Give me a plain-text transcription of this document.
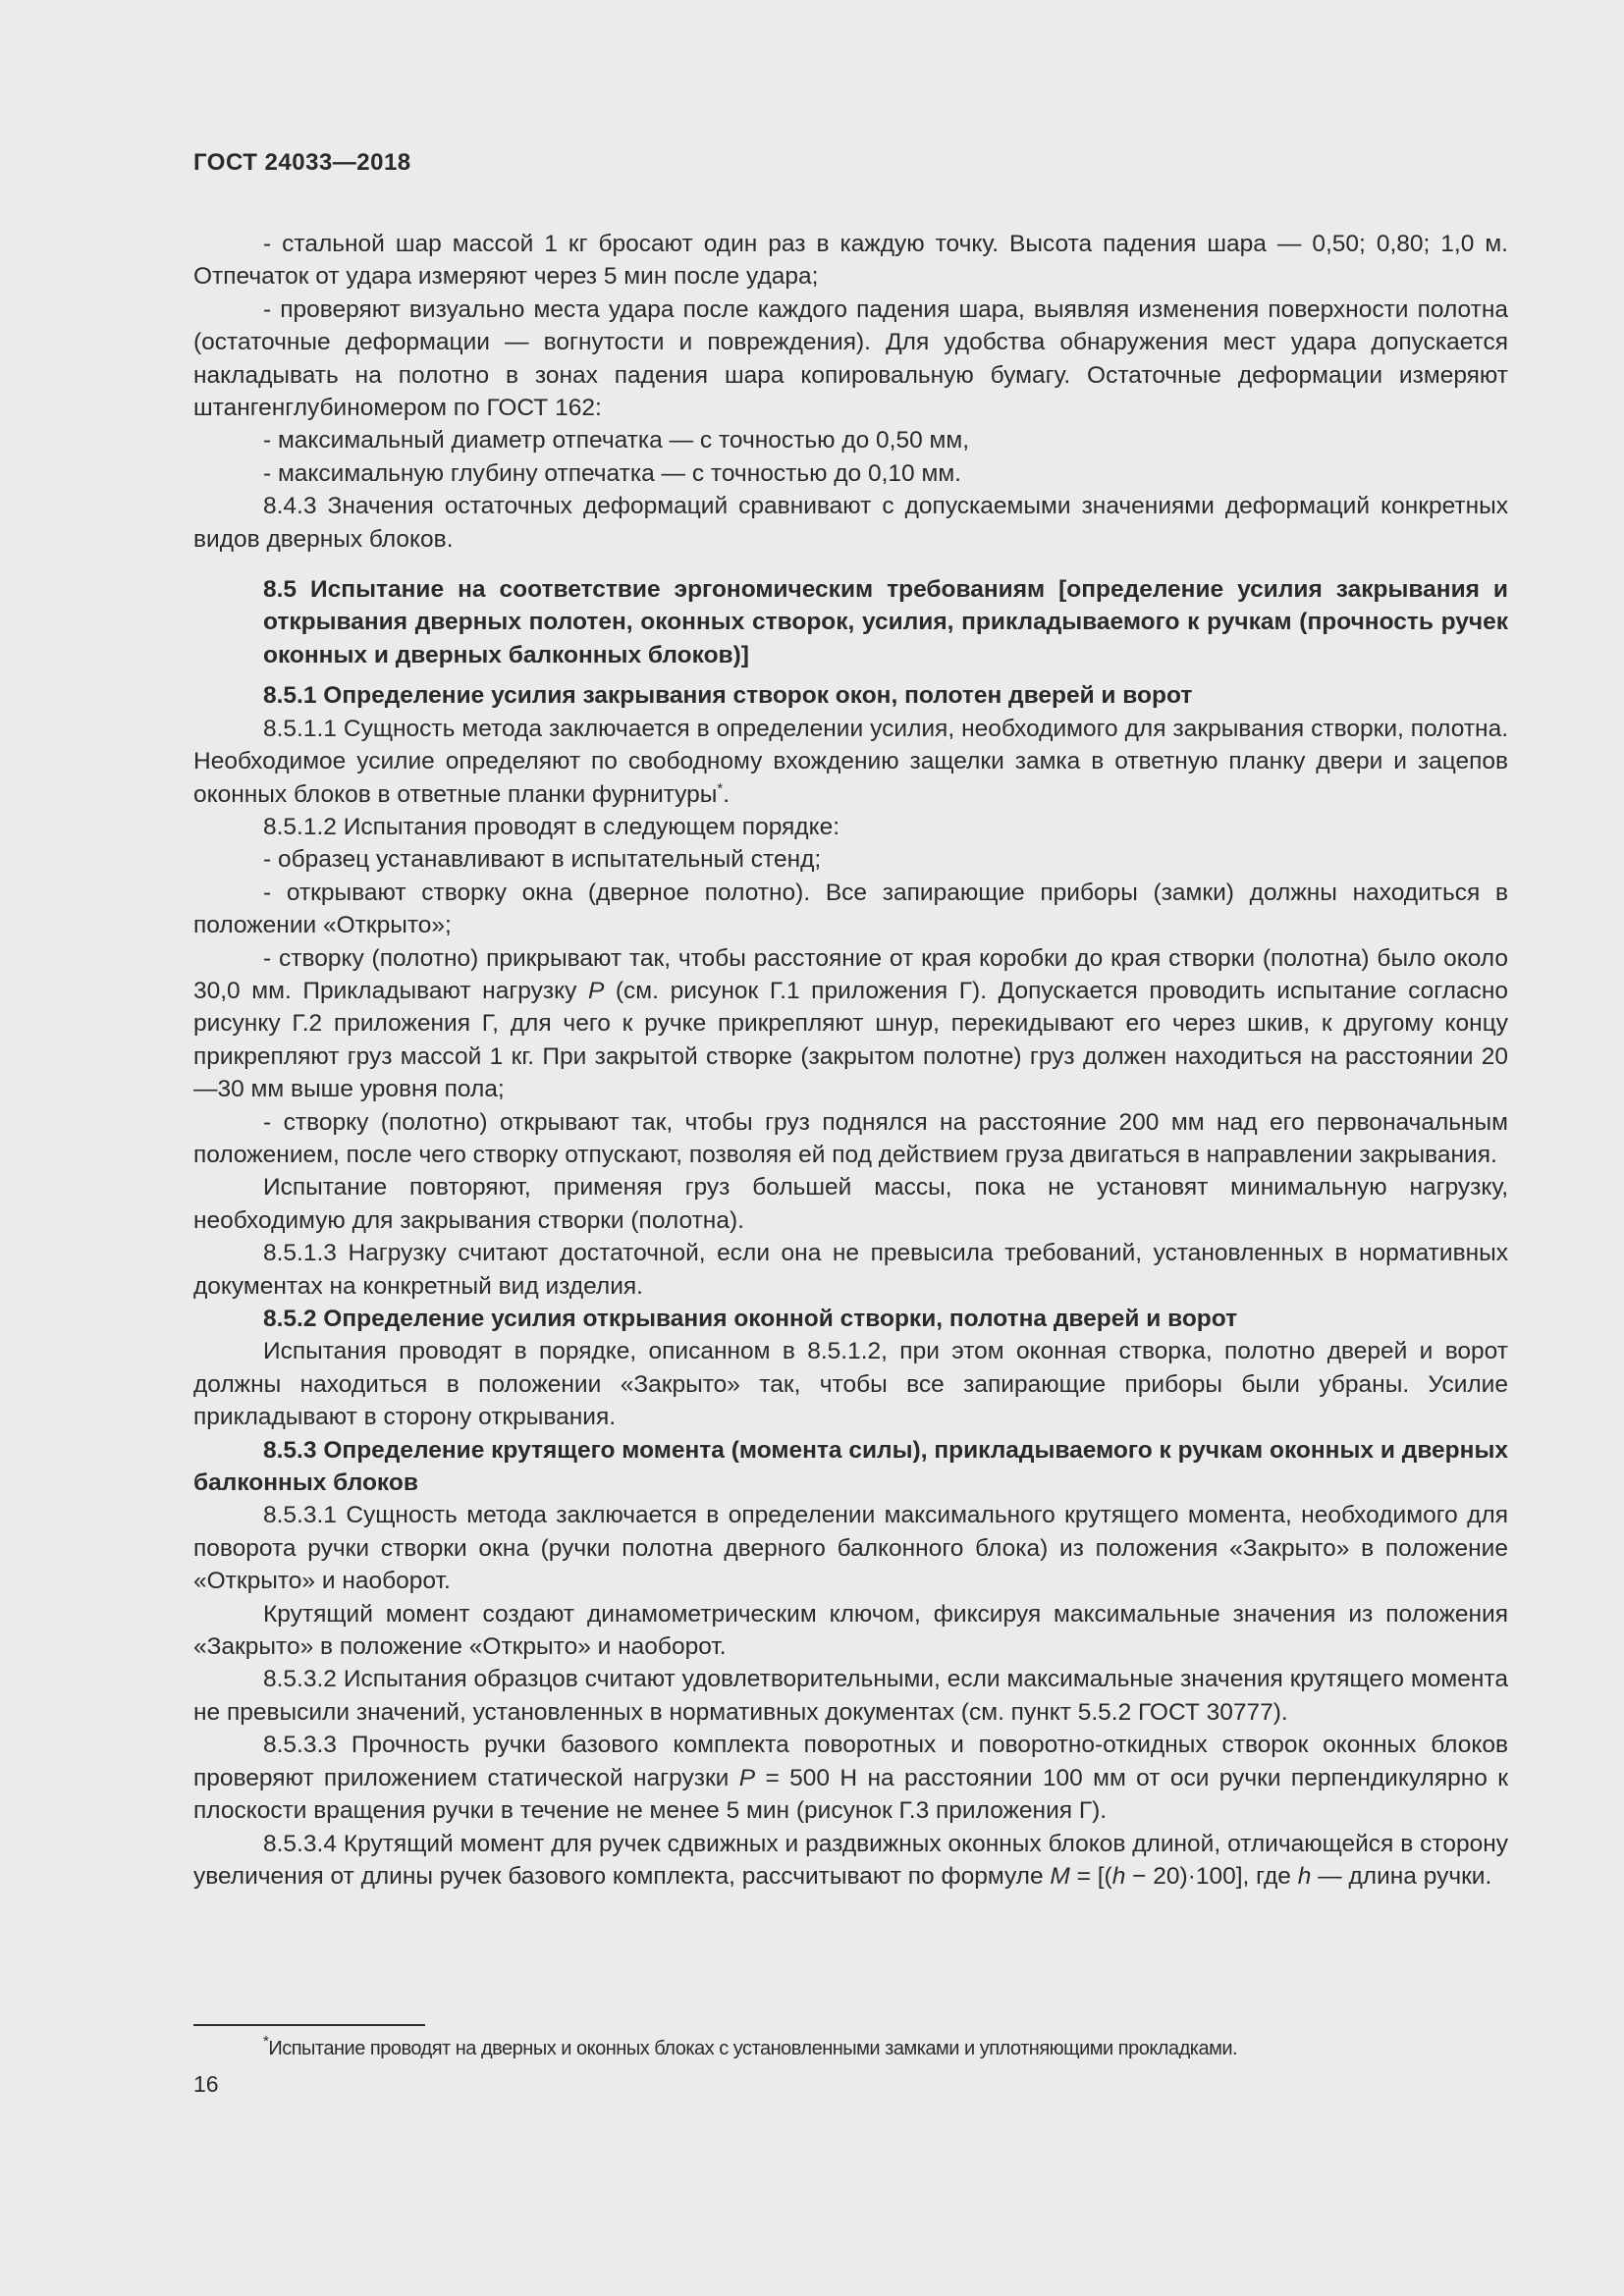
ГОСТ 24033—2018

- стальной шар массой 1 кг бросают один раз в каждую точку. Высота падения шара — 0,50; 0,80; 1,0 м. Отпечаток от удара измеряют через 5 мин после удара;

- проверяют визуально места удара после каждого падения шара, выявляя изменения поверхности полотна (остаточные деформации — вогнутости и повреждения). Для удобства обнаружения мест удара допускается накладывать на полотно в зонах падения шара копировальную бумагу. Остаточные деформации измеряют штангенглубиномером по ГОСТ 162:

- максимальный диаметр отпечатка — с точностью до 0,50 мм,

- максимальную глубину отпечатка — с точностью до 0,10 мм.

8.4.3 Значения остаточных деформаций сравнивают с допускаемыми значениями деформаций конкретных видов дверных блоков.

8.5 Испытание на соответствие эргономическим требованиям [определение усилия закрывания и открывания дверных полотен, оконных створок, усилия, прикладываемого к ручкам (прочность ручек оконных и дверных балконных блоков)]

8.5.1 Определение усилия закрывания створок окон, полотен дверей и ворот

8.5.1.1 Сущность метода заключается в определении усилия, необходимого для закрывания створки, полотна. Необходимое усилие определяют по свободному вхождению защелки замка в ответную планку двери и зацепов оконных блоков в ответные планки фурнитуры*.

8.5.1.2 Испытания проводят в следующем порядке:

- образец устанавливают в испытательный стенд;

- открывают створку окна (дверное полотно). Все запирающие приборы (замки) должны находиться в положении «Открыто»;

- створку (полотно) прикрывают так, чтобы расстояние от края коробки до края створки (полотна) было около 30,0 мм. Прикладывают нагрузку P (см. рисунок Г.1 приложения Г). Допускается проводить испытание согласно рисунку Г.2 приложения Г, для чего к ручке прикрепляют шнур, перекидывают его через шкив, к другому концу прикрепляют груз массой 1 кг. При закрытой створке (закрытом полотне) груз должен находиться на расстоянии 20—30 мм выше уровня пола;

- створку (полотно) открывают так, чтобы груз поднялся на расстояние 200 мм над его первоначальным положением, после чего створку отпускают, позволяя ей под действием груза двигаться в направлении закрывания.

Испытание повторяют, применяя груз большей массы, пока не установят минимальную нагрузку, необходимую для закрывания створки (полотна).

8.5.1.3 Нагрузку считают достаточной, если она не превысила требований, установленных в нормативных документах на конкретный вид изделия.

8.5.2 Определение усилия открывания оконной створки, полотна дверей и ворот

Испытания проводят в порядке, описанном в 8.5.1.2, при этом оконная створка, полотно дверей и ворот должны находиться в положении «Закрыто» так, чтобы все запирающие приборы были убраны. Усилие прикладывают в сторону открывания.

8.5.3 Определение крутящего момента (момента силы), прикладываемого к ручкам оконных и дверных балконных блоков

8.5.3.1 Сущность метода заключается в определении максимального крутящего момента, необходимого для поворота ручки створки окна (ручки полотна дверного балконного блока) из положения «Закрыто» в положение «Открыто» и наоборот.

Крутящий момент создают динамометрическим ключом, фиксируя максимальные значения из положения «Закрыто» в положение «Открыто» и наоборот.

8.5.3.2 Испытания образцов считают удовлетворительными, если максимальные значения крутящего момента не превысили значений, установленных в нормативных документах (см. пункт 5.5.2 ГОСТ 30777).

8.5.3.3 Прочность ручки базового комплекта поворотных и поворотно-откидных створок оконных блоков проверяют приложением статической нагрузки P = 500 Н на расстоянии 100 мм от оси ручки перпендикулярно к плоскости вращения ручки в течение не менее 5 мин (рисунок Г.3 приложения Г).

8.5.3.4 Крутящий момент для ручек сдвижных и раздвижных оконных блоков длиной, отличающейся в сторону увеличения от длины ручек базового комплекта, рассчитывают по формуле M = [(h − 20)·100], где h — длина ручки.

*Испытание проводят на дверных и оконных блоках с установленными замками и уплотняющими прокладками.
16
